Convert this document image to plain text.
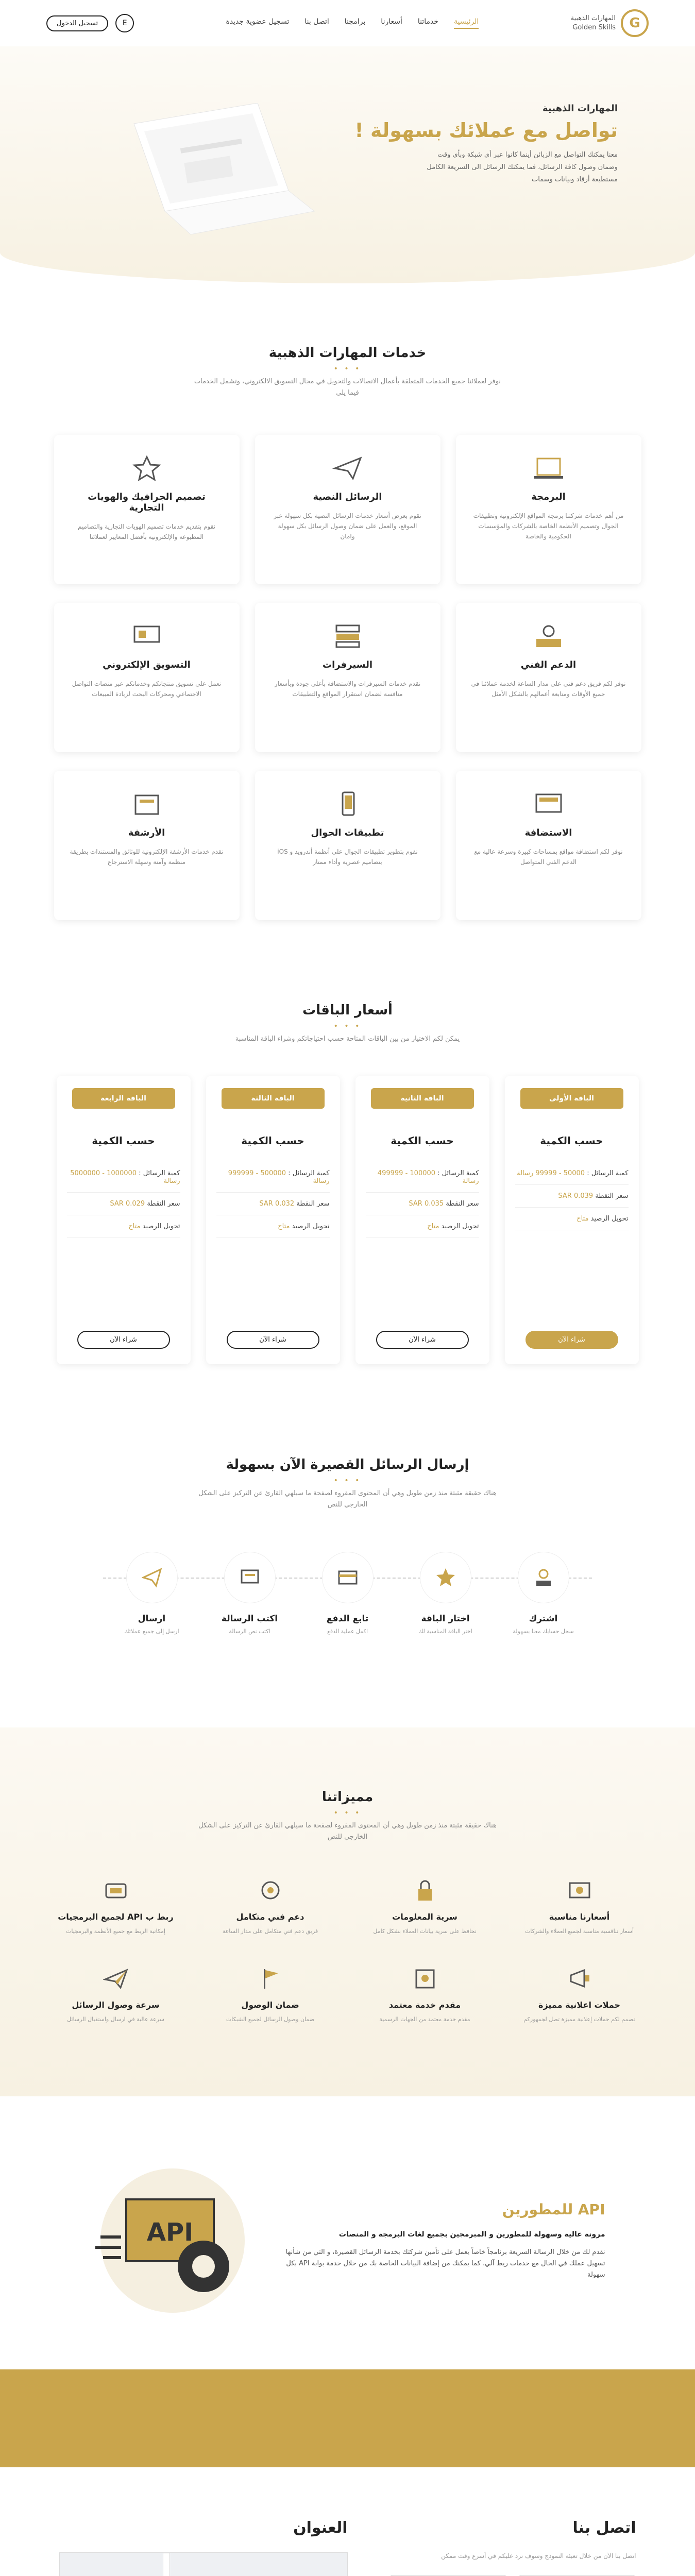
G
المهارات الذهبية
Golden Skills
الرئيسية
خدماتنا
أسعارنا
برامجنا
اتصل بنا
تسجيل عضوية جديدة
E
تسجيل الدخول
المهارات الذهبية
تواصل مع عملائك بسهولة !

معنا يمكنك التواصل مع الزبائن أينما كانوا عبر أي شبكة وبأي وقت

وضمان وصول كافة الرسائل، فما يمكنك الرسائل الى السريعة الكامل

مستطيعة أرقاد وبيانات وسمات

خدمات المهارات الذهبية
• • •
نوفر لعملائنا جميع الخدمات المتعلقة بأعمال الاتصالات والتحويل في مجال التسويق الالكتروني، وتشمل الخدمات فيما يلي
البرمجة

من أهم خدمات شركتنا برمجة المواقع الإلكترونية وتطبيقات الجوال وتصميم الأنظمة الخاصة بالشركات والمؤسسات الحكومية والخاصة

الرسائل النصية

نقوم بعرض أسعار خدمات الرسائل النصية بكل سهولة عبر الموقع، والعمل على ضمان وصول الرسائل بكل سهولة وامان

تصميم الجرافيك والهويات التجارية

نقوم بتقديم خدمات تصميم الهويات التجارية والتصاميم المطبوعة والإلكترونية بأفضل المعايير لعملائنا

الدعم الفني

نوفر لكم فريق دعم فني على مدار الساعة لخدمة عملائنا في جميع الأوقات ومتابعة أعمالهم بالشكل الأمثل

السيرفرات

نقدم خدمات السيرفرات والاستضافة بأعلى جودة وبأسعار منافسة لضمان استقرار المواقع والتطبيقات

التسويق الإلكتروني

نعمل على تسويق منتجاتكم وخدماتكم عبر منصات التواصل الاجتماعي ومحركات البحث لزيادة المبيعات

الاستضافة

نوفر لكم استضافة مواقع بمساحات كبيرة وسرعة عالية مع الدعم الفني المتواصل

تطبيقات الجوال

نقوم بتطوير تطبيقات الجوال على أنظمة أندرويد و iOS بتصاميم عصرية وأداء ممتاز

الأرشفة

نقدم خدمات الأرشفة الإلكترونية للوثائق والمستندات بطريقة منظمة وآمنة وسهلة الاسترجاع

أسعار الباقات
• • •
يمكن لكم الاختيار من بين الباقات المتاحة حسب احتياجاتكم وشراء الباقة المناسبة
الباقة الأولى
حسب الكمية
كمية الرسائل : 50000 - 99999 رسالة
سعر النقطة 0.039 SAR
تحويل الرصيد متاح
شراء الآن
الباقة الثانية
حسب الكمية
كمية الرسائل : 100000 - 499999 رسالة
سعر النقطة 0.035 SAR
تحويل الرصيد متاح
شراء الآن
الباقة الثالثة
حسب الكمية
كمية الرسائل : 500000 - 999999 رسالة
سعر النقطة 0.032 SAR
تحويل الرصيد متاح
شراء الآن
الباقة الرابعة
حسب الكمية
كمية الرسائل : 1000000 - 5000000 رسالة
سعر النقطة 0.029 SAR
تحويل الرصيد متاح
شراء الآن
إرسال الرسائل القصيرة الآن بسهولة
• • •
هناك حقيقة مثبتة منذ زمن طويل وهي أن المحتوى المقروء لصفحة ما سيلهي القارئ عن التركيز على الشكل الخارجي للنص
اشترك

سجل حسابك معنا بسهولة

اختار الباقة

اختر الباقة المناسبة لك

تابع الدفع

اكمل عملية الدفع

اكتب الرسالة

اكتب نص الرسالة

ارسال

ارسل إلى جميع عملائك

مميزاتنا
• • •
هناك حقيقة مثبتة منذ زمن طويل وهي أن المحتوى المقروء لصفحة ما سيلهي القارئ عن التركيز على الشكل الخارجي للنص
أسعارنا مناسبة

أسعار تنافسية مناسبة لجميع العملاء والشركات

سرية المعلومات

نحافظ على سرية بيانات العملاء بشكل كامل

دعم فني متكامل

فريق دعم فني متكامل على مدار الساعة

ربط ب API لجميع البرمجيات

إمكانية الربط مع جميع الأنظمة والبرمجيات

حملات اعلانية مميزة

نصمم لكم حملات إعلانية مميزة تصل لجمهوركم

مقدم خدمة معتمد

مقدم خدمة معتمد من الجهات الرسمية

ضمان الوصول

ضمان وصول الرسائل لجميع الشبكات

سرعة وصول الرسائل

سرعة عالية في ارسال واستقبال الرسائل

API للمطورين
مرونة عالية وسهولة للمطورين و المبرمجين بجميع لغات البرمجة و المنصات

نقدم لك من خلال الرسالة السريعة برنامجاً خاصاً يعمل على تأمين شركتك بخدمة الرسائل القصيرة، و التي من شأنها تسهيل عملك في الحال مع خدمات ربط آلي. كما يمكنك من إضافة البيانات الخاصة بك من خلال خدمة بوابة API بكل سهولة

API
اتصل بنا
اتصل بنا الآن من خلال تعبئة النموذج وسوف نرد عليكم في أسرع وقت ممكن
العنوان
